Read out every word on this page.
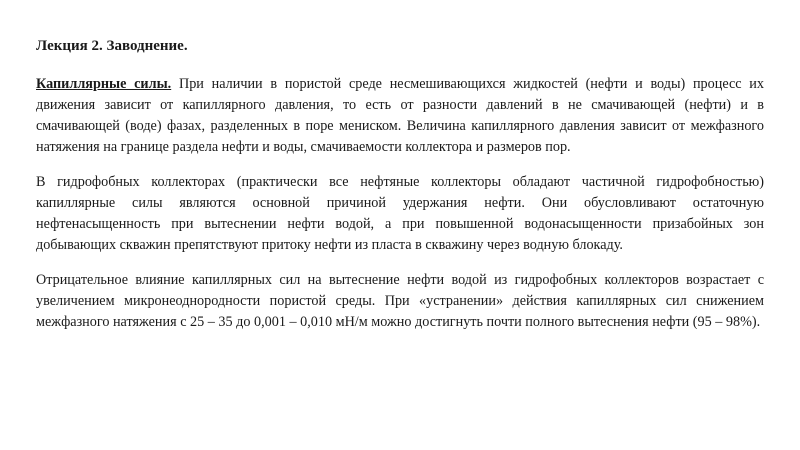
Лекция 2. Заводнение.

Капиллярные силы. При наличии в пористой среде несмешивающихся жидкостей (нефти и воды) процесс их движения зависит от капиллярного давления, то есть от разности давлений в не смачивающей (нефти) и в смачивающей (воде) фазах, разделенных в поре мениском. Величина капиллярного давления зависит от межфазного натяжения на границе раздела нефти и воды, смачиваемости коллектора и размеров пор.

В гидрофобных коллекторах (практически все нефтяные коллекторы обладают частичной гидрофобностью) капиллярные силы являются основной причиной удержания нефти. Они обусловливают остаточную нефтенасыщенность при вытеснении нефти водой, а при повышенной водонасыщенности призабойных зон добывающих скважин препятствуют притоку нефти из пласта в скважину через водную блокаду.

Отрицательное влияние капиллярных сил на вытеснение нефти водой из гидрофобных коллекторов возрастает с увеличением микронеоднородности пористой среды. При «устранении» действия капиллярных сил снижением межфазного натяжения с 25 – 35 до 0,001 – 0,010 мН/м можно достигнуть почти полного вытеснения нефти (95 – 98%).
